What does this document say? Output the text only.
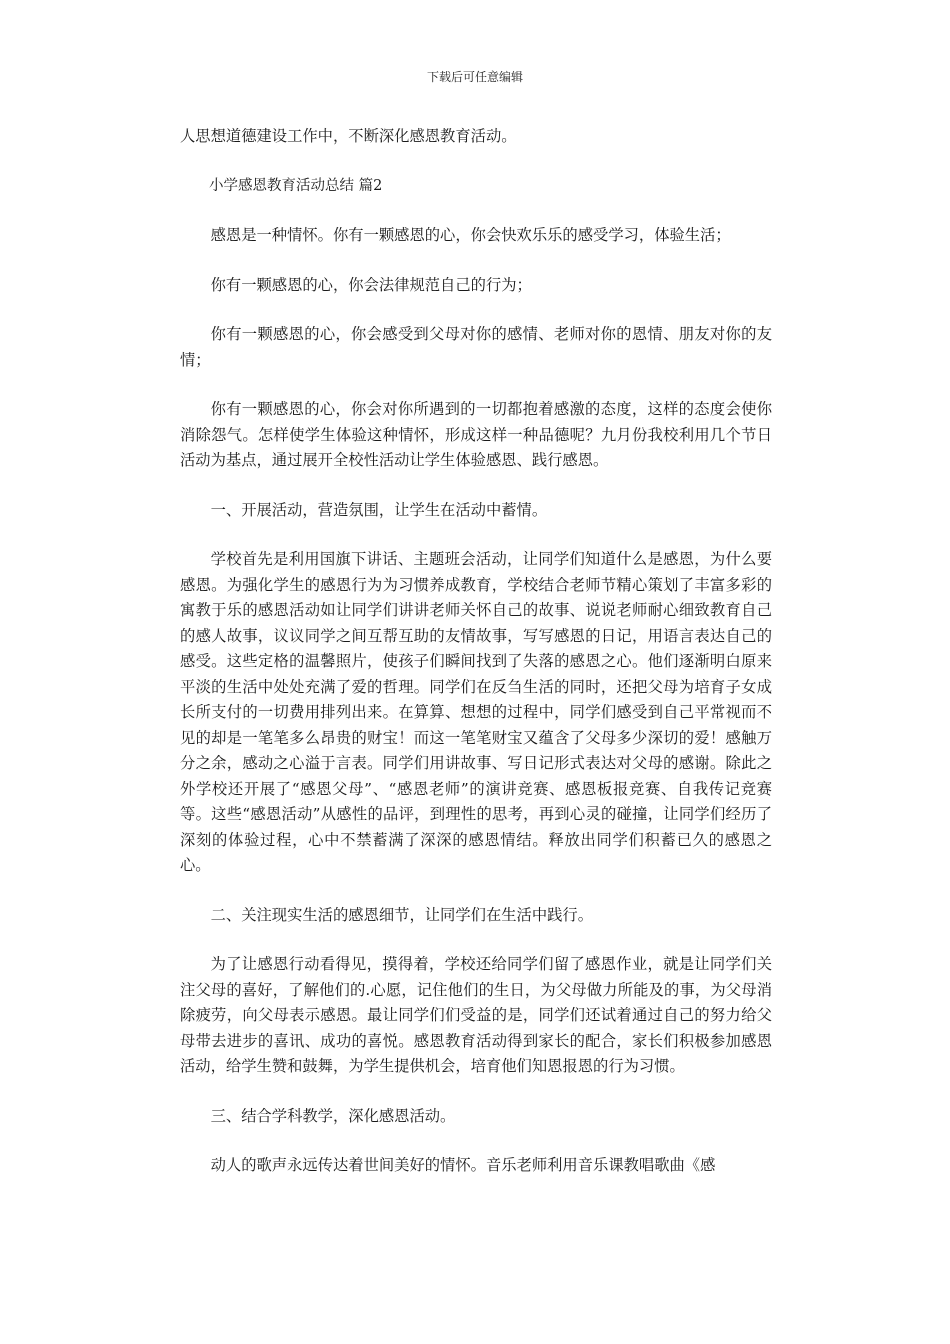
下载后可任意编辑

人思想道德建设工作中，不断深化感恩教育活动。

小学感恩教育活动总结 篇2

感恩是一种情怀。你有一颗感恩的心，你会快欢乐乐的感受学习，体验生活；

你有一颗感恩的心，你会法律规范自己的行为；

你有一颗感恩的心，你会感受到父母对你的感情、老师对你的恩情、朋友对你的友情；

你有一颗感恩的心，你会对你所遇到的一切都抱着感激的态度，这样的态度会使你消除怨气。怎样使学生体验这种情怀，形成这样一种品德呢？九月份我校利用几个节日活动为基点，通过展开全校性活动让学生体验感恩、践行感恩。

一、开展活动，营造氛围，让学生在活动中蓄情。

学校首先是利用国旗下讲话、主题班会活动，让同学们知道什么是感恩，为什么要感恩。为强化学生的感恩行为为习惯养成教育，学校结合老师节精心策划了丰富多彩的寓教于乐的感恩活动如让同学们讲讲老师关怀自己的故事、说说老师耐心细致教育自己的感人故事，议议同学之间互帮互助的友情故事，写写感恩的日记，用语言表达自己的感受。这些定格的温馨照片，使孩子们瞬间找到了失落的感恩之心。他们逐渐明白原来平淡的生活中处处充满了爱的哲理。同学们在反刍生活的同时，还把父母为培育子女成长所支付的一切费用排列出来。在算算、想想的过程中，同学们感受到自己平常视而不见的却是一笔笔多么昂贵的财宝！而这一笔笔财宝又蕴含了父母多少深切的爱！感触万分之余，感动之心溢于言表。同学们用讲故事、写日记形式表达对父母的感谢。除此之外学校还开展了“感恩父母”、“感恩老师”的演讲竞赛、感恩板报竞赛、自我传记竞赛等。这些“感恩活动”从感性的品评，到理性的思考，再到心灵的碰撞，让同学们经历了深刻的体验过程，心中不禁蓄满了深深的感恩情结。释放出同学们积蓄已久的感恩之心。

二、关注现实生活的感恩细节，让同学们在生活中践行。

为了让感恩行动看得见，摸得着，学校还给同学们留了感恩作业，就是让同学们关注父母的喜好，了解他们的.心愿，记住他们的生日，为父母做力所能及的事，为父母消除疲劳，向父母表示感恩。最让同学们们受益的是，同学们还试着通过自己的努力给父母带去进步的喜讯、成功的喜悦。感恩教育活动得到家长的配合，家长们积极参加感恩活动，给学生赞和鼓舞，为学生提供机会，培育他们知恩报恩的行为习惯。

三、结合学科教学，深化感恩活动。

动人的歌声永远传达着世间美好的情怀。音乐老师利用音乐课教唱歌曲《感
